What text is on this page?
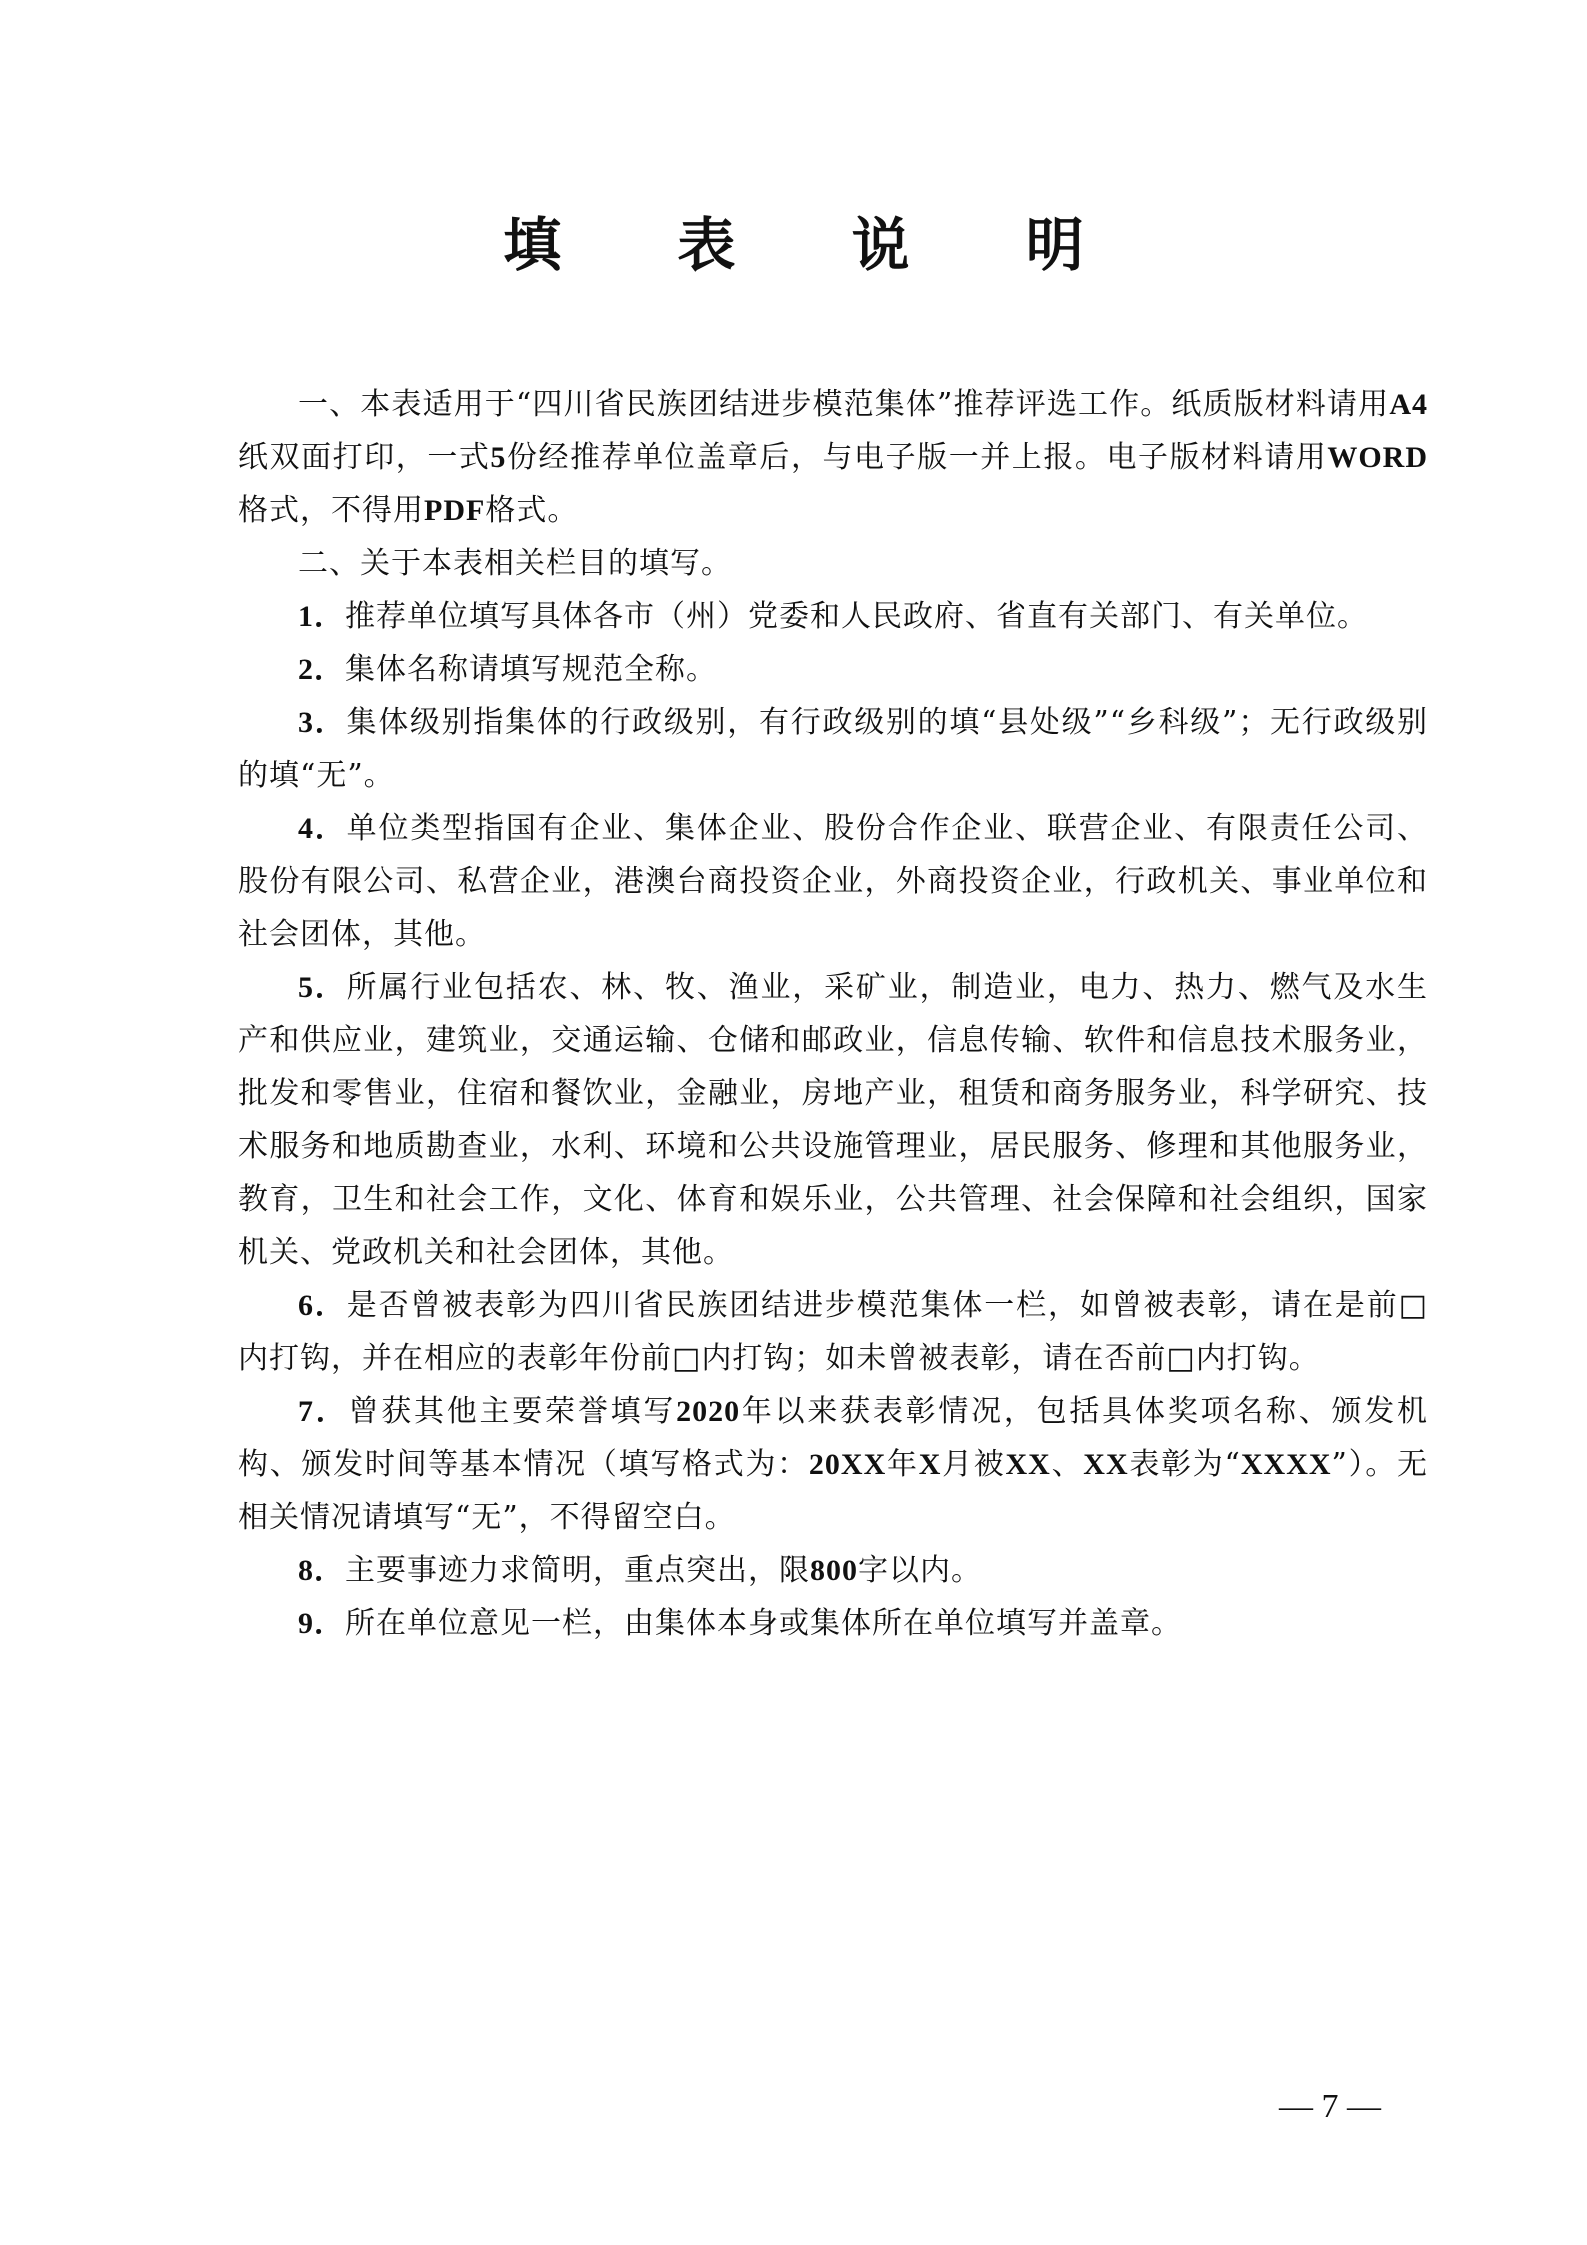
填 表 说 明

一、本表适用于“四川省民族团结进步模范集体”推荐评选工作。纸质版材料请用A4纸双面打印，一式5份经推荐单位盖章后，与电子版一并上报。电子版材料请用WORD格式，不得用PDF格式。

二、关于本表相关栏目的填写。

1．推荐单位填写具体各市（州）党委和人民政府、省直有关部门、有关单位。

2．集体名称请填写规范全称。

3．集体级别指集体的行政级别，有行政级别的填“县处级”“乡科级”；无行政级别的填“无”。

4．单位类型指国有企业、集体企业、股份合作企业、联营企业、有限责任公司、股份有限公司、私营企业，港澳台商投资企业，外商投资企业，行政机关、事业单位和社会团体，其他。

5．所属行业包括农、林、牧、渔业，采矿业，制造业，电力、热力、燃气及水生产和供应业，建筑业，交通运输、仓储和邮政业，信息传输、软件和信息技术服务业，批发和零售业，住宿和餐饮业，金融业，房地产业，租赁和商务服务业，科学研究、技术服务和地质勘查业，水利、环境和公共设施管理业，居民服务、修理和其他服务业，教育，卫生和社会工作，文化、体育和娱乐业，公共管理、社会保障和社会组织，国家机关、党政机关和社会团体，其他。

6．是否曾被表彰为四川省民族团结进步模范集体一栏，如曾被表彰，请在是前□内打钩，并在相应的表彰年份前□内打钩；如未曾被表彰，请在否前□内打钩。

7．曾获其他主要荣誉填写2020年以来获表彰情况，包括具体奖项名称、颁发机构、颁发时间等基本情况（填写格式为：20XX年X月被XX、XX表彰为“XXXX”）。无相关情况请填写“无”，不得留空白。

8．主要事迹力求简明，重点突出，限800字以内。

9．所在单位意见一栏，由集体本身或集体所在单位填写并盖章。

— 7 —
